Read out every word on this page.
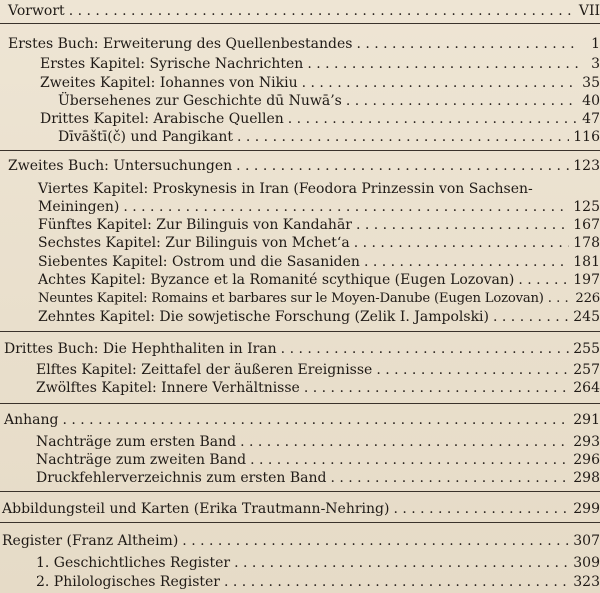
Vorwort . . .	VII
Erstes Buch: Erweiterung des Quellenbestandes . . .	1
Erstes Kapitel: Syrische Nachrichten . . .	3
Zweites Kapitel: Iohannes von Nikiu . . .	35
Übersehenes zur Geschichte dū Nuwā’s . . .	40
Drittes Kapitel: Arabische Quellen . . .	47
Dīvāštī(č) und Pangikant . . .	116
Zweites Buch: Untersuchungen . . .	123
Viertes Kapitel: Proskynesis in Iran (Feodora Prinzessin von Sachsen-
Meiningen) . . .	125
Fünftes Kapitel: Zur Bilinguis von Kandahār . . .	167
Sechstes Kapitel: Zur Bilinguis von Mchet‘a . . .	178
Siebentes Kapitel: Ostrom und die Sasaniden . . .	181
Achtes Kapitel: Byzance et la Romanité scythique (Eugen Lozovan) . . .	197
Neuntes Kapitel: Romains et barbares sur le Moyen-Danube (Eugen Lozovan) . . . 226
Zehntes Kapitel: Die sowjetische Forschung (Zelik I. Jampolski) . . .	245
Drittes Buch: Die Hephthaliten in Iran . . .	255
Elftes Kapitel: Zeittafel der äußeren Ereignisse . . .	257
Zwölftes Kapitel: Innere Verhältnisse . . .	264
Anhang . . .	291
Nachträge zum ersten Band . . .	293
Nachträge zum zweiten Band . . .	296
Druckfehlerverzeichnis zum ersten Band . . .	298
Abbildungsteil und Karten (Erika Trautmann-Nehring) . . .	299
Register (Franz Altheim) . . .	307
1. Geschichtliches Register . . .	309
2. Philologisches Register . . .	323
